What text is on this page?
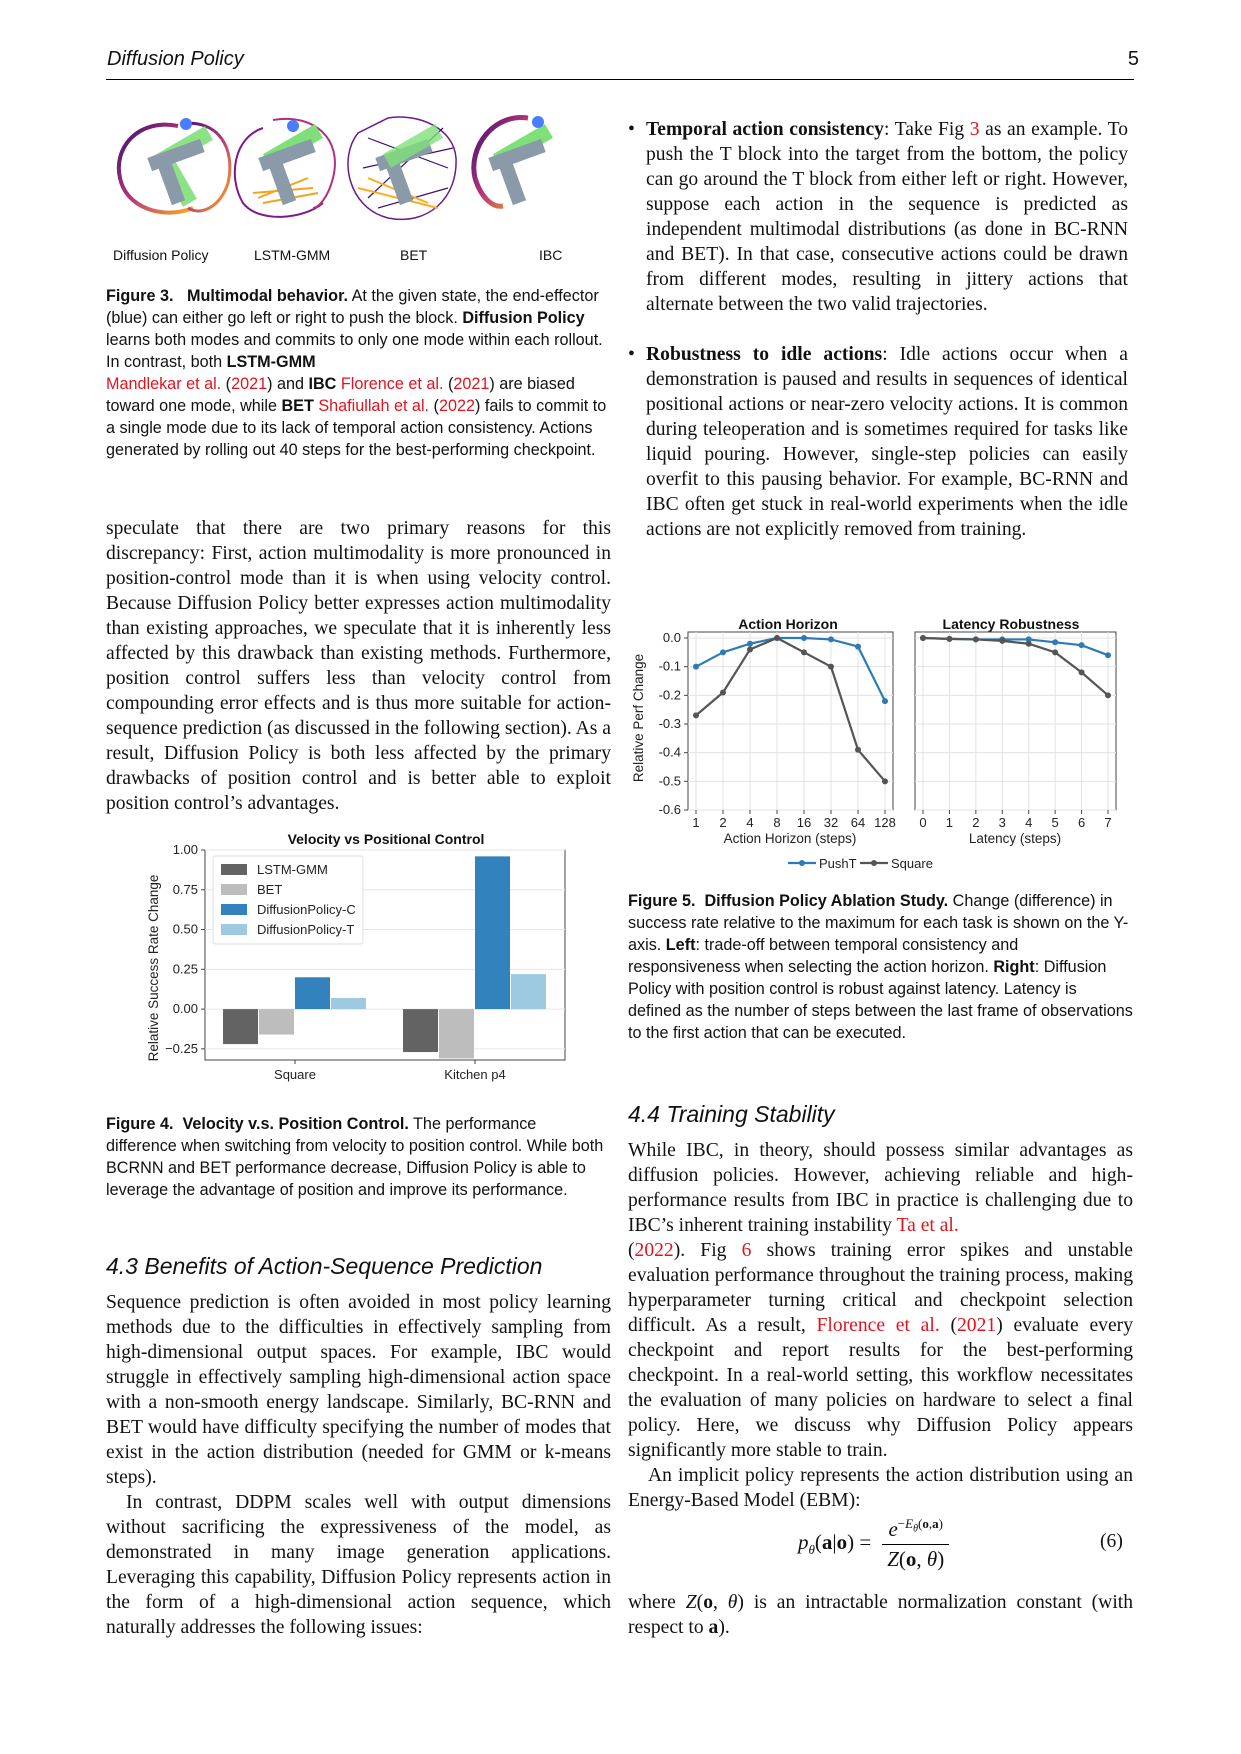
Diffusion Policy	5
Diffusion Policy	LSTM-GMM	BET	IBC
Figure 3. Multimodal behavior. At the given state, the end-effector (blue) can either go left or right to push the block. Diffusion Policy learns both modes and commits to only one mode within each rollout. In contrast, both LSTM-GMM
Mandlekar et al. (2021) and IBC Florence et al. (2021) are biased toward one mode, while BET Shafiullah et al. (2022) fails to commit to a single mode due to its lack of temporal action consistency. Actions generated by rolling out 40 steps for the best-performing checkpoint.
speculate that there are two primary reasons for this discrepancy: First, action multimodality is more pronounced in position-control mode than it is when using velocity control. Because Diffusion Policy better expresses action multimodality than existing approaches, we speculate that it is inherently less affected by this drawback than existing methods. Furthermore, position control suffers less than velocity control from compounding error effects and is thus more suitable for action-sequence prediction (as discussed in the following section). As a result, Diffusion Policy is both less affected by the primary drawbacks of position control and is better able to exploit position control’s advantages.
Velocity vs Positional Control
Relative Success Rate Change
1.00
0.75
0.50
0.25
0.00
−0.25
Square	Kitchen p4
LSTM-GMM
BET
DiffusionPolicy-C
DiffusionPolicy-T
Figure 4. Velocity v.s. Position Control. The performance difference when switching from velocity to position control. While both BCRNN and BET performance decrease, Diffusion Policy is able to leverage the advantage of position and improve its performance.
4.3 Benefits of Action-Sequence Prediction

Sequence prediction is often avoided in most policy learning methods due to the difficulties in effectively sampling from high-dimensional output spaces. For example, IBC would struggle in effectively sampling high-dimensional action space with a non-smooth energy landscape. Similarly, BC-RNN and BET would have difficulty specifying the number of modes that exist in the action distribution (needed for GMM or k-means steps).

In contrast, DDPM scales well with output dimensions without sacrificing the expressiveness of the model, as demonstrated in many image generation applications. Leveraging this capability, Diffusion Policy represents action in the form of a high-dimensional action sequence, which naturally addresses the following issues:

• Temporal action consistency: Take Fig 3 as an example. To push the T block into the target from the bottom, the policy can go around the T block from either left or right. However, suppose each action in the sequence is predicted as independent multimodal distributions (as done in BC-RNN and BET). In that case, consecutive actions could be drawn from different modes, resulting in jittery actions that alternate between the two valid trajectories.
• Robustness to idle actions: Idle actions occur when a demonstration is paused and results in sequences of identical positional actions or near-zero velocity actions. It is common during teleoperation and is sometimes required for tasks like liquid pouring. However, single-step policies can easily overfit to this pausing behavior. For example, BC-RNN and IBC often get stuck in real-world experiments when the idle actions are not explicitly removed from training.
Action Horizon	Latency Robustness
Relative Perf Change
Action Horizon (steps)	Latency (steps)
0.0
-0.1
-0.2
-0.3
-0.4
-0.5
-0.6
1 2 4 8 16 32 64 128 0 1 2 3 4 5 6 7
PushT	Square
Figure 5. Diffusion Policy Ablation Study. Change (difference) in success rate relative to the maximum for each task is shown on the Y-axis. Left: trade-off between temporal consistency and responsiveness when selecting the action horizon. Right: Diffusion Policy with position control is robust against latency. Latency is defined as the number of steps between the last frame of observations to the first action that can be executed.
4.4 Training Stability

While IBC, in theory, should possess similar advantages as diffusion policies. However, achieving reliable and high-performance results from IBC in practice is challenging due to IBC’s inherent training instability Ta et al.
(2022). Fig 6 shows training error spikes and unstable evaluation performance throughout the training process, making hyperparameter turning critical and checkpoint selection difficult. As a result, Florence et al. (2021) evaluate every checkpoint and report results for the best-performing checkpoint. In a real-world setting, this workflow necessitates the evaluation of many policies on hardware to select a final policy. Here, we discuss why Diffusion Policy appears significantly more stable to train.

An implicit policy represents the action distribution using an Energy-Based Model (EBM):

$p_\theta(a|o) = \frac{e^{-E_\theta(o,a)}}{Z(o, \theta)}$	(6)
where Z(o, θ) is an intractable normalization constant (with respect to a).
